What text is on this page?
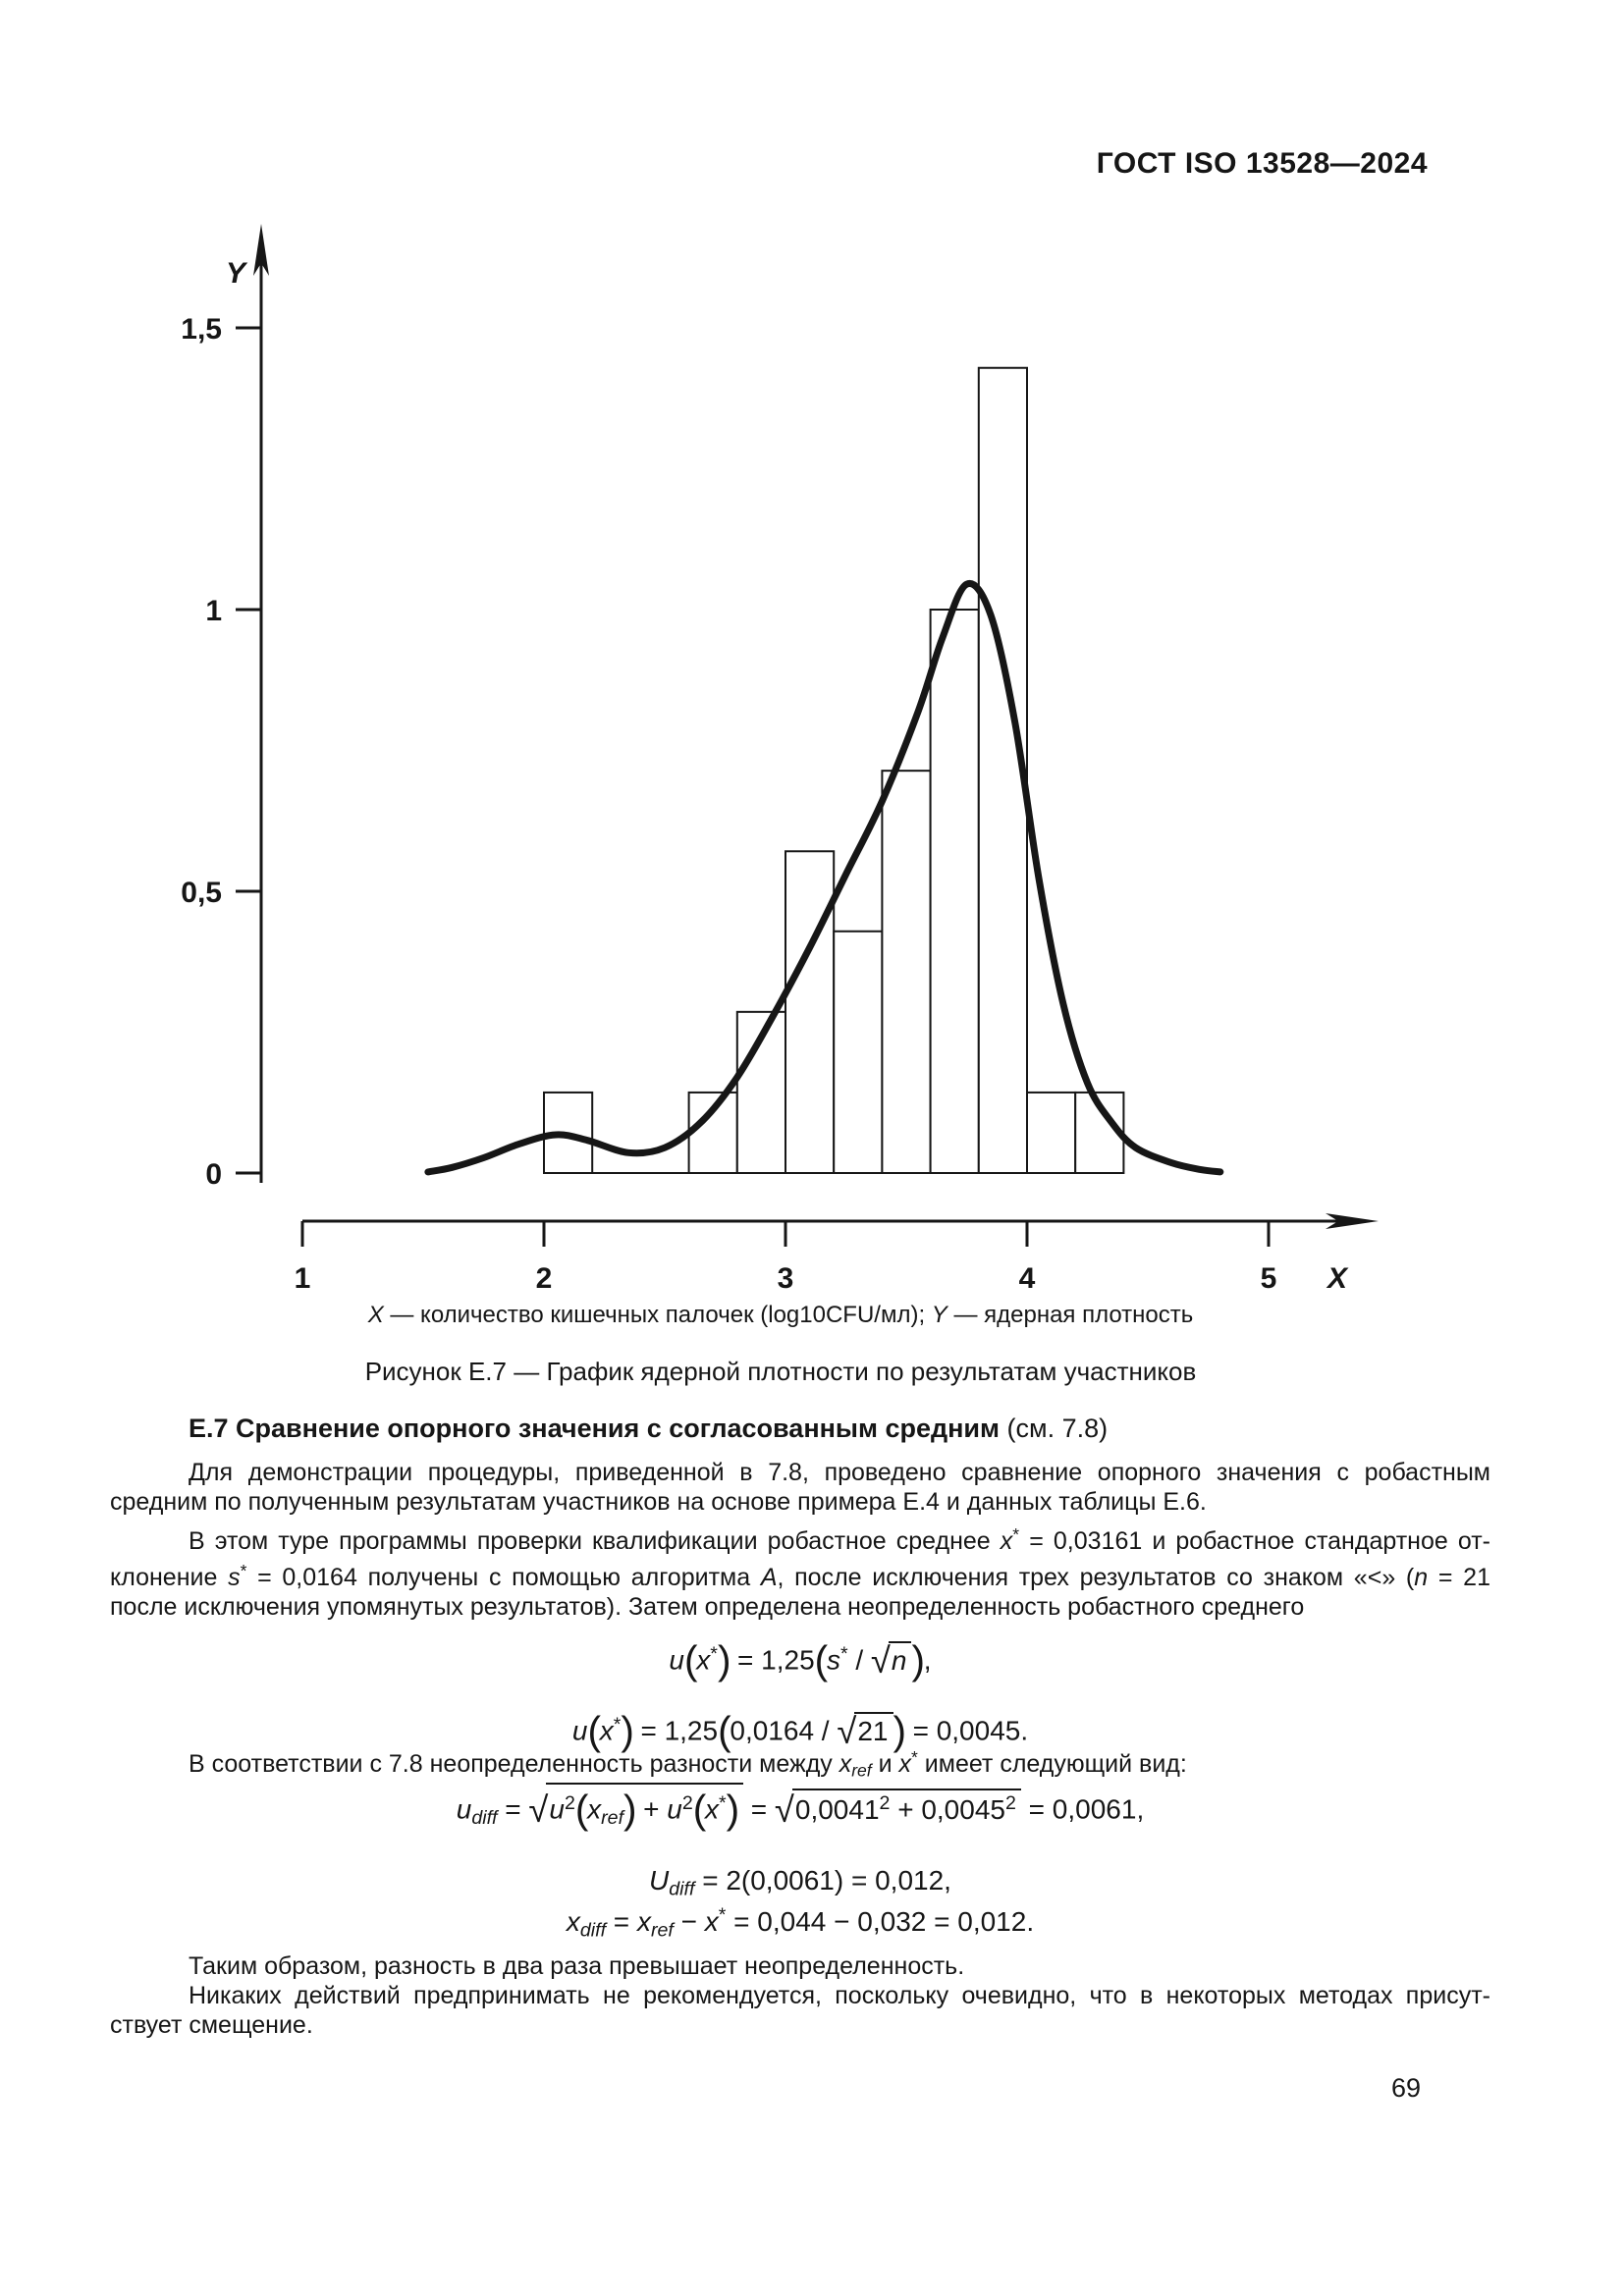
ГОСТ ISO 13528—2024
Y
0
0,5
1
1,5
1	2	3	4	5 X
X — количество кишечных палочек (log10CFU/мл); Y — ядерная плотность
Рисунок Е.7 — График ядерной плотности по результатам участников
Е.7 Сравнение опорного значения с согласованным средним (см. 7.8)
Для демонстрации процедуры, приведенной в 7.8, проведено сравнение опорного значения с робастным
средним по полученным результатам участников на основе примера Е.4 и данных таблицы Е.6.
В этом туре программы проверки квалификации робастное среднее x* = 0,03161 и робастное стандартное от-
клонение s* = 0,0164 получены с помощью алгоритма A, после исключения трех результатов со знаком «<» (n = 21
после исключения упомянутых результатов). Затем определена неопределенность робастного среднего
u(x*) = 1,25(s* / √n ),
u(x*) = 1,25(0,0164 / √21 ) = 0,0045.
В соответствии с 7.8 неопределенность разности между xref и x* имеет следующий вид:
udiff = $√u^2(xref) + u^2(x^*) = √0,0041^2 + 0,0045^2 = 0,0061$,
Udiff = 2(0,0061) = 0,012,
xdiff = xref − x* = 0,044 − 0,032 = 0,012.
Таким образом, разность в два раза превышает неопределенность.
Никаких действий предпринимать не рекомендуется, поскольку очевидно, что в некоторых методах присут-
ствует смещение.
69
